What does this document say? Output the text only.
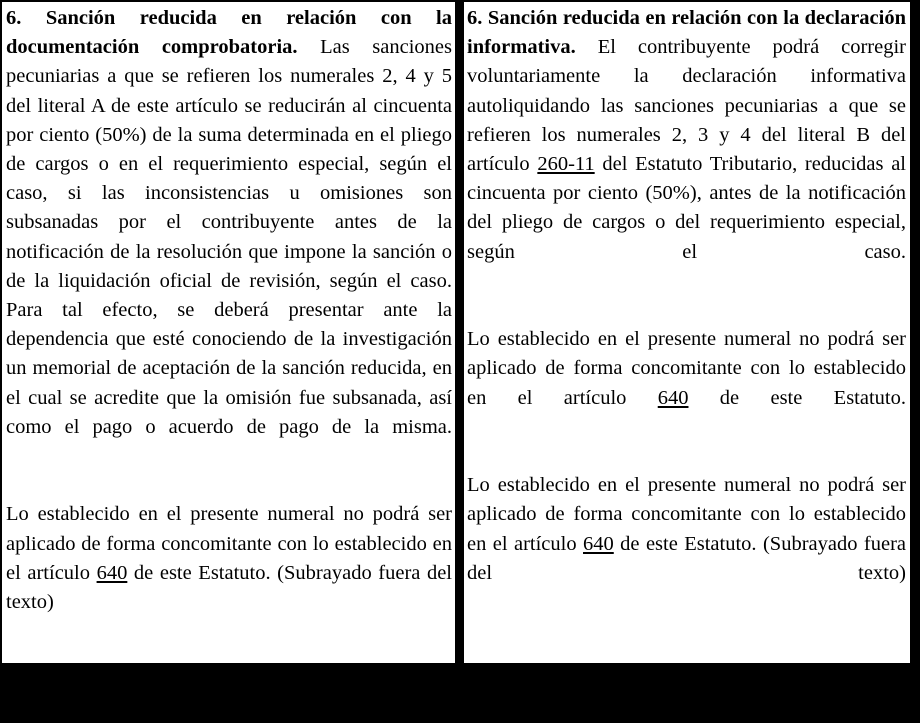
6. Sanción reducida en relación con la documentación comprobatoria. Las sanciones pecuniarias a que se refieren los numerales 2, 4 y 5 del literal A de este artículo se reducirán al cincuenta por ciento (50%) de la suma determinada en el pliego de cargos o en el requerimiento especial, según el caso, si las inconsistencias u omisiones son subsanadas por el contribuyente antes de la notificación de la resolución que impone la sanción o de la liquidación oficial de revisión, según el caso. Para tal efecto, se deberá presentar ante la dependencia que esté conociendo de la investigación un memorial de aceptación de la sanción reducida, en el cual se acredite que la omisión fue subsanada, así como el pago o acuerdo de pago de la misma.

Lo establecido en el presente numeral no podrá ser aplicado de forma concomitante con lo establecido en el artículo 640 de este Estatuto. (Subrayado fuera del texto)

6. Sanción reducida en relación con la declaración informativa. El contribuyente podrá corregir voluntariamente la declaración informativa autoliquidando las sanciones pecuniarias a que se refieren los numerales 2, 3 y 4 del literal B del artículo 260-11 del Estatuto Tributario, reducidas al cincuenta por ciento (50%), antes de la notificación del pliego de cargos o del requerimiento especial, según el caso.

Lo establecido en el presente numeral no podrá ser aplicado de forma concomitante con lo establecido en el artículo 640 de este Estatuto.

Lo establecido en el presente numeral no podrá ser aplicado de forma concomitante con lo establecido en el artículo 640 de este Estatuto. (Subrayado fuera del texto)
